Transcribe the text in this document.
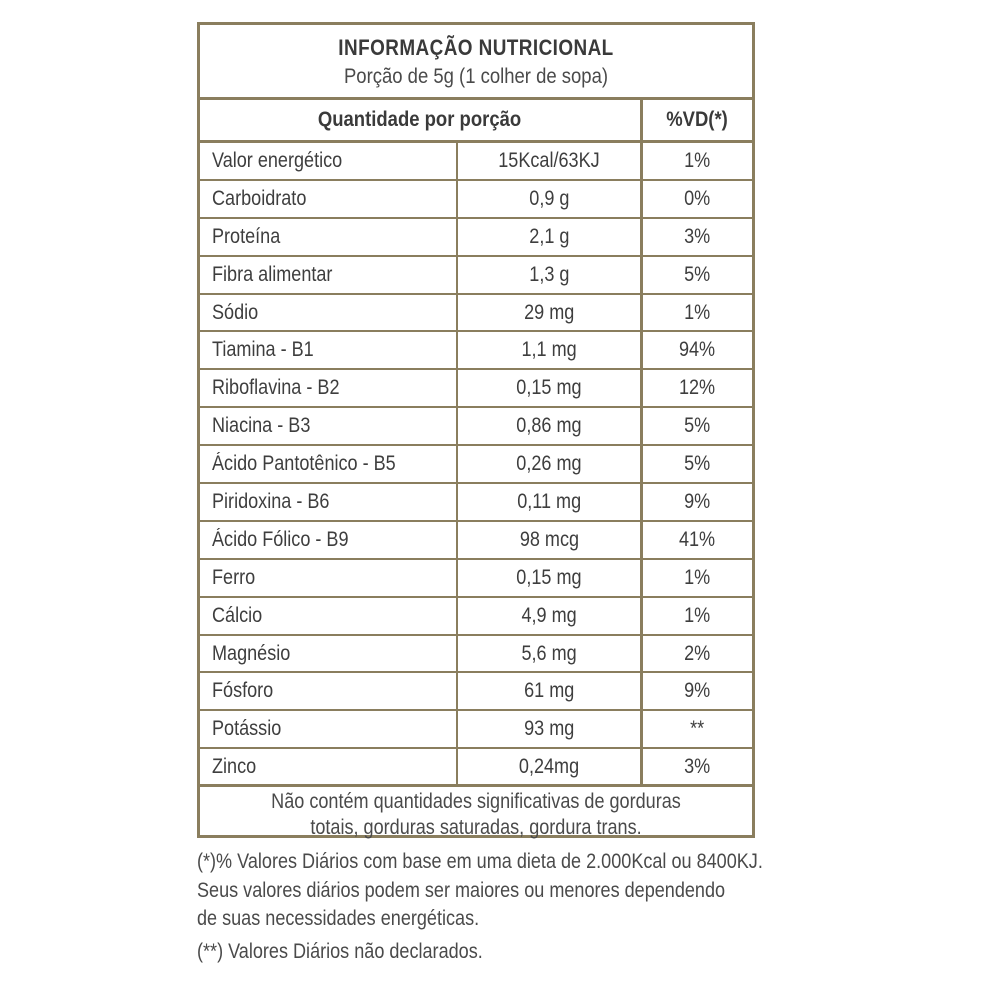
INFORMAÇÃO NUTRICIONAL
Porção de 5g (1 colher de sopa)
Quantidade por porção	%VD(*)
Valor energético	15Kcal/63KJ	1%
Carboidrato	0,9 g	0%
Proteína	2,1 g	3%
Fibra alimentar	1,3 g	5%
Sódio	29 mg	1%
Tiamina - B1	1,1 mg	94%
Riboflavina - B2	0,15 mg	12%
Niacina - B3	0,86 mg	5%
Ácido Pantotênico - B5	0,26 mg	5%
Piridoxina - B6	0,11 mg	9%
Ácido Fólico - B9	98 mcg	41%
Ferro	0,15 mg	1%
Cálcio	4,9 mg	1%
Magnésio	5,6 mg	2%
Fósforo	61 mg	9%
Potássio	93 mg	**
Zinco	0,24mg	3%
Não contém quantidades significativas de gorduras
totais, gorduras saturadas, gordura trans.
(*)% Valores Diários com base em uma dieta de 2.000Kcal ou 8400KJ.
Seus valores diários podem ser maiores ou menores dependendo
de suas necessidades energéticas.
(**) Valores Diários não declarados.
